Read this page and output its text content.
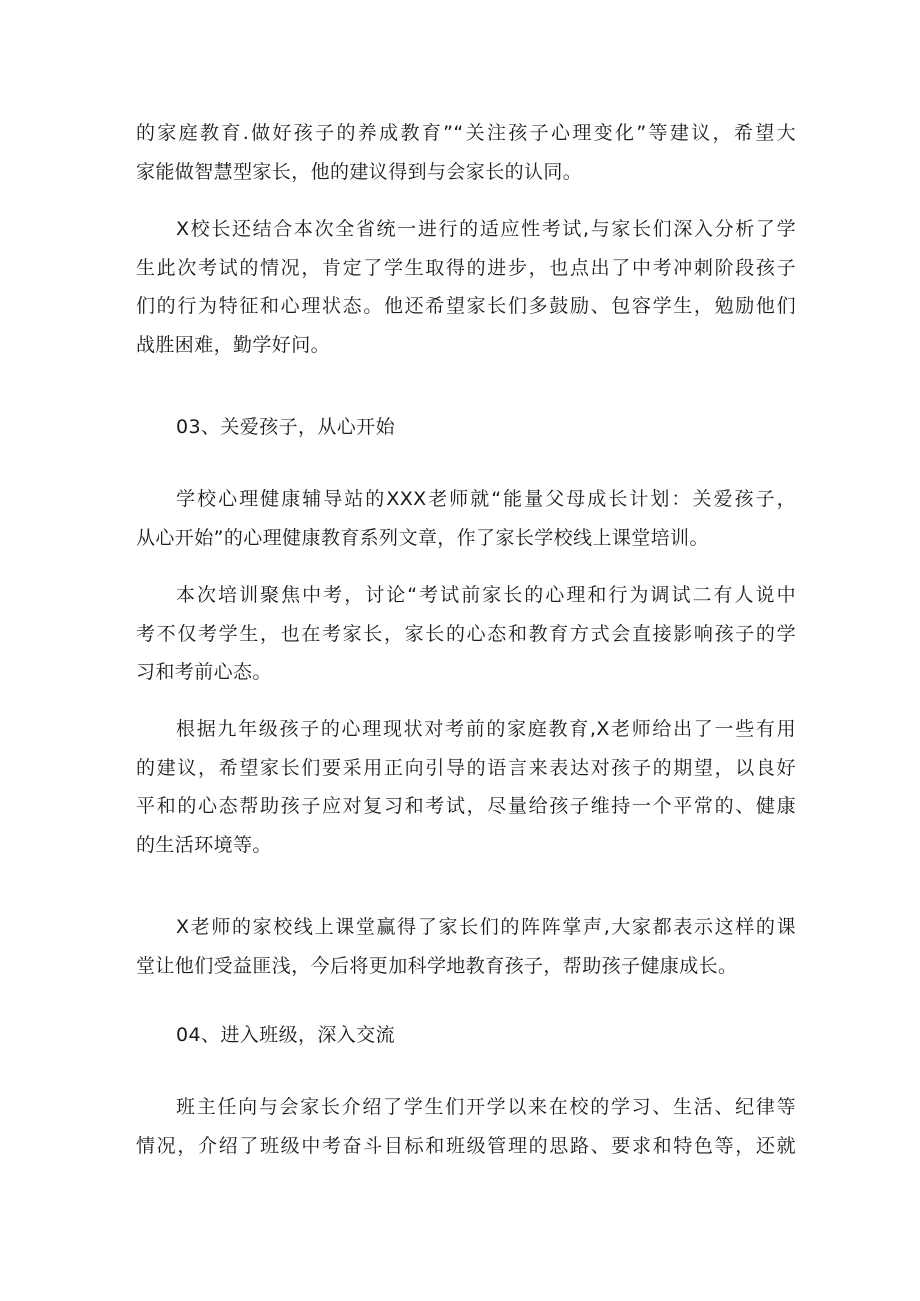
的家庭教育.做好孩子的养成教育”“关注孩子心理变化”等建议，希望大
家能做智慧型家长，他的建议得到与会家长的认同。

X校长还结合本次全省统一进行的适应性考试,与家长们深入分析了学
生此次考试的情况，肯定了学生取得的进步，也点出了中考冲刺阶段孩子
们的行为特征和心理状态。他还希望家长们多鼓励、包容学生，勉励他们
战胜困难，勤学好问。

03、关爱孩子，从心开始

学校心理健康辅导站的XXX老师就“能量父母成长计划：关爱孩子，
从心开始”的心理健康教育系列文章，作了家长学校线上课堂培训。

本次培训聚焦中考，讨论“考试前家长的心理和行为调试二有人说中
考不仅考学生，也在考家长，家长的心态和教育方式会直接影响孩子的学
习和考前心态。

根据九年级孩子的心理现状对考前的家庭教育,X老师给出了一些有用
的建议，希望家长们要采用正向引导的语言来表达对孩子的期望，以良好
平和的心态帮助孩子应对复习和考试，尽量给孩子维持一个平常的、健康
的生活环境等。

X老师的家校线上课堂赢得了家长们的阵阵掌声,大家都表示这样的课
堂让他们受益匪浅，今后将更加科学地教育孩子，帮助孩子健康成长。

04、进入班级，深入交流

班主任向与会家长介绍了学生们开学以来在校的学习、生活、纪律等
情况，介绍了班级中考奋斗目标和班级管理的思路、要求和特色等，还就
